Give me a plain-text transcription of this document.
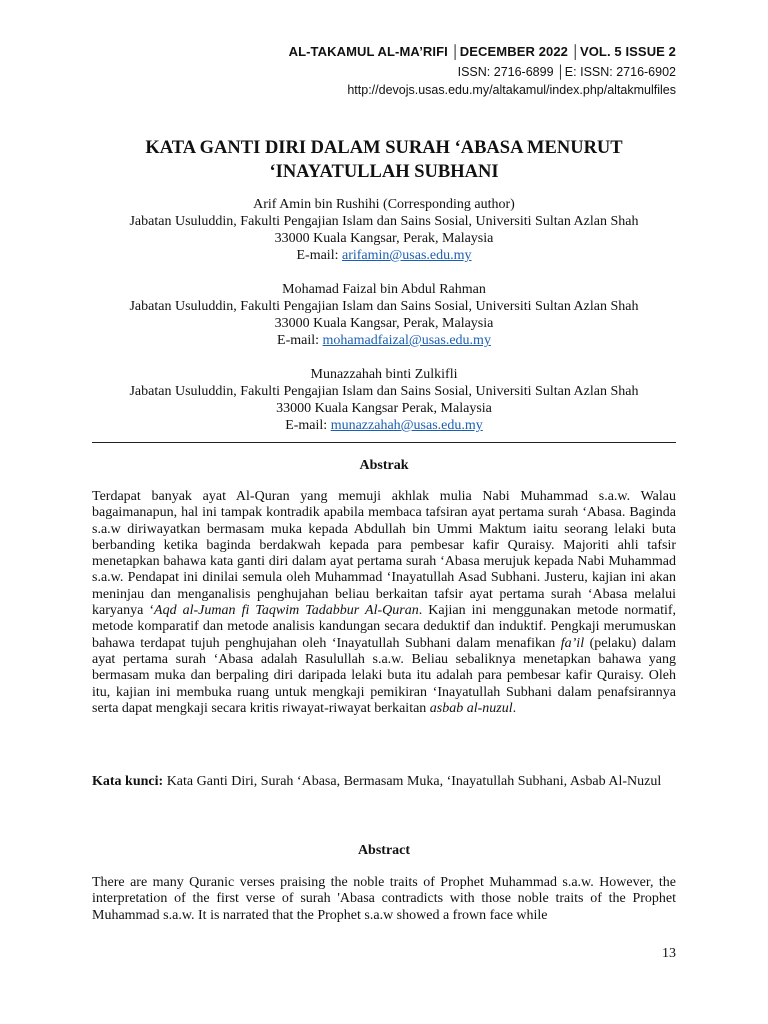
AL-TAKAMUL AL-MA’RIFI │DECEMBER 2022 │VOL. 5 ISSUE 2
ISSN: 2716-6899 │E: ISSN: 2716-6902
http://devojs.usas.edu.my/altakamul/index.php/altakmulfiles
KATA GANTI DIRI DALAM SURAH ‘ABASA MENURUT
‘INAYATULLAH SUBHANI
Arif Amin bin Rushihi (Corresponding author)
Jabatan Usuluddin, Fakulti Pengajian Islam dan Sains Sosial, Universiti Sultan Azlan Shah
33000 Kuala Kangsar, Perak, Malaysia
E-mail: arifamin@usas.edu.my
Mohamad Faizal bin Abdul Rahman
Jabatan Usuluddin, Fakulti Pengajian Islam dan Sains Sosial, Universiti Sultan Azlan Shah
33000 Kuala Kangsar, Perak, Malaysia
E-mail: mohamadfaizal@usas.edu.my
Munazzahah binti Zulkifli
Jabatan Usuluddin, Fakulti Pengajian Islam dan Sains Sosial, Universiti Sultan Azlan Shah
33000 Kuala Kangsar Perak, Malaysia
E-mail: munazzahah@usas.edu.my
Abstrak
Terdapat banyak ayat Al-Quran yang memuji akhlak mulia Nabi Muhammad s.a.w. Walau bagaimanapun, hal ini tampak kontradik apabila membaca tafsiran ayat pertama surah ‘Abasa. Baginda s.a.w diriwayatkan bermasam muka kepada Abdullah bin Ummi Maktum iaitu seorang lelaki buta berbanding ketika baginda berdakwah kepada para pembesar kafir Quraisy. Majoriti ahli tafsir menetapkan bahawa kata ganti diri dalam ayat pertama surah ‘Abasa merujuk kepada Nabi Muhammad s.a.w. Pendapat ini dinilai semula oleh Muhammad ‘Inayatullah Asad Subhani. Justeru, kajian ini akan meninjau dan menganalisis penghujahan beliau berkaitan tafsir ayat pertama surah ‘Abasa melalui karyanya ‘Aqd al-Juman fi Taqwim Tadabbur Al-Quran. Kajian ini menggunakan metode normatif, metode komparatif dan metode analisis kandungan secara deduktif dan induktif. Pengkaji merumuskan bahawa terdapat tujuh penghujahan oleh ‘Inayatullah Subhani dalam menafikan fa’il (pelaku) dalam ayat pertama surah ‘Abasa adalah Rasulullah s.a.w. Beliau sebaliknya menetapkan bahawa yang bermasam muka dan berpaling diri daripada lelaki buta itu adalah para pembesar kafir Quraisy. Oleh itu, kajian ini membuka ruang untuk mengkaji pemikiran ‘Inayatullah Subhani dalam penafsirannya serta dapat mengkaji secara kritis riwayat-riwayat berkaitan asbab al-nuzul.
Kata kunci: Kata Ganti Diri, Surah ‘Abasa, Bermasam Muka, ‘Inayatullah Subhani, Asbab Al-Nuzul
Abstract
There are many Quranic verses praising the noble traits of Prophet Muhammad s.a.w. However, the interpretation of the first verse of surah 'Abasa contradicts with those noble traits of the Prophet Muhammad s.a.w. It is narrated that the Prophet s.a.w showed a frown face while
13
